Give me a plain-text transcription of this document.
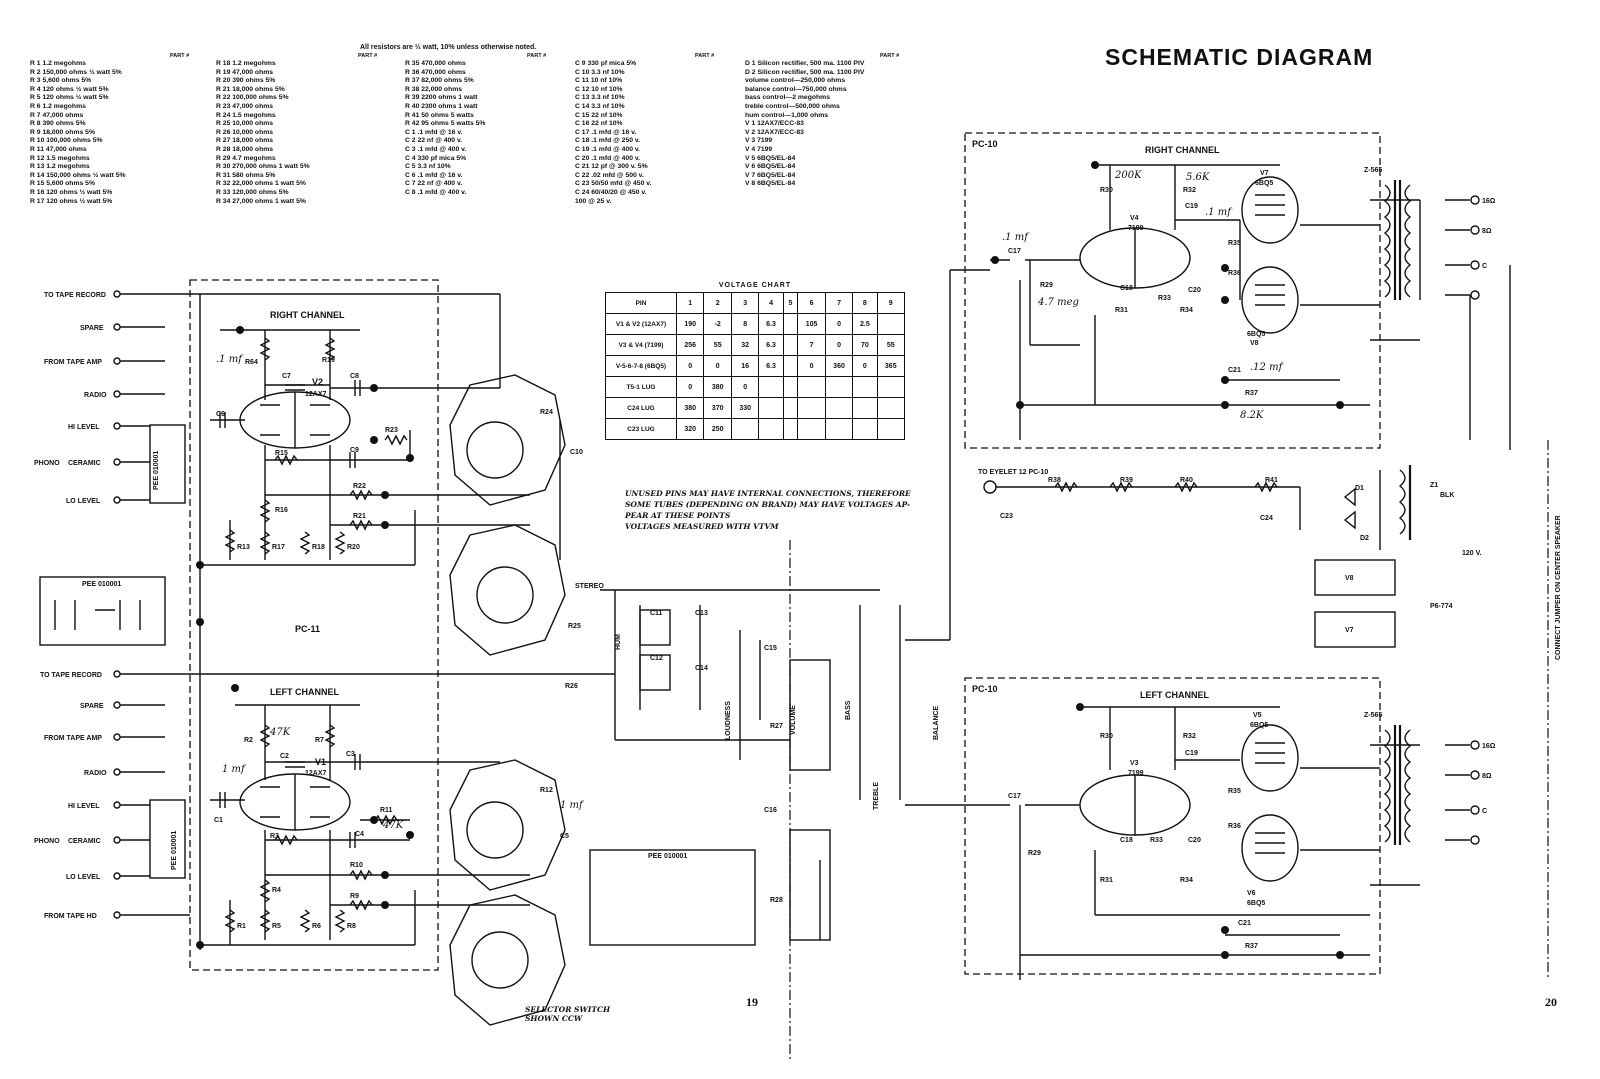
SCHEMATIC DIAGRAM
All resistors are ½ watt, 10% unless otherwise noted.
PART #	PART #	PART #	PART #	PART #
R 1 1.2 megohms
R 2 150,000 ohms ½ watt 5%
R 3 5,600 ohms 5%
R 4 120 ohms ½ watt 5%
R 5 120 ohms ½ watt 5%
R 6 1.2 megohms
R 7 47,000 ohms
R 8 390 ohms 5%
R 9 18,000 ohms 5%
R 10 100,000 ohms 5%
R 11 47,000 ohms
R 12 1.5 megohms
R 13 1.2 megohms
R 14 150,000 ohms ½ watt 5%
R 15 5,600 ohms 5%
R 16 120 ohms ½ watt 5%
R 17 120 ohms ½ watt 5%
R 18 1.2 megohms
R 19 47,000 ohms
R 20 390 ohms 5%
R 21 18,000 ohms 5%
R 22 100,000 ohms 5%
R 23 47,000 ohms
R 24 1.5 megohms
R 25 10,000 ohms
R 26 10,000 ohms
R 27 18,000 ohms
R 28 18,000 ohms
R 29 4.7 megohms
R 30 270,000 ohms 1 watt 5%
R 31 580 ohms 5%
R 32 22,000 ohms 1 watt 5%
R 33 120,000 ohms 5%
R 34 27,000 ohms 1 watt 5%
R 35 470,000 ohms
R 36 470,000 ohms
R 37 82,000 ohms 5%
R 38 22,000 ohms
R 39 2200 ohms 1 watt
R 40 2300 ohms 1 watt
R 41 50 ohms 5 watts
R 42 95 ohms 5 watts 5%
C 1 .1 mfd @ 16 v.
C 2 22 nf @ 400 v.
C 3 .1 mfd @ 400 v.
C 4 330 pf mica 5%
C 5 3.3 nf 10%
C 6 .1 mfd @ 16 v.
C 7 22 nf @ 400 v.
C 8 .1 mfd @ 400 v.
C 9 330 pf mica 5%
C 10 3.3 nf 10%
C 11 10 nf 10%
C 12 10 nf 10%
C 13 3.3 nf 10%
C 14 3.3 nf 10%
C 15 22 nf 10%
C 16 22 nf 10%
C 17 .1 mfd @ 16 v.
C 18 .1 mfd @ 250 v.
C 19 .1 mfd @ 400 v.
C 20 .1 mfd @ 400 v.
C 21 12 pf @ 300 v. 5%
C 22 .02 mfd @ 500 v.
C 23 50/50 mfd @ 450 v.
C 24 60/40/20 @ 450 v.
100 @ 25 v.
D 1 Silicon rectifier, 500 ma. 1100 PIV
D 2 Silicon rectifier, 500 ma. 1100 PIV
volume control—250,000 ohms
balance control—750,000 ohms
bass control—2 megohms
treble control—500,000 ohms
hum control—1,000 ohms
V 1 12AX7/ECC-83
V 2 12AX7/ECC-83
V 3 7199
V 4 7199
V 5 6BQ5/EL-84
V 6 6BQ5/EL-84
V 7 6BQ5/EL-84
V 8 6BQ5/EL-84
VOLTAGE CHART
PIN	1	2	3	4	5	6	7	8	9
V1 & V2 (12AX7)	190	-2	8	6.3		105	0	2.5	
V3 & V4 (7199)	256	55	32	6.3		7	0	70	55
V-5-6-7-8 (6BQ5)	0	0	16	6.3		0	360	0	365
T5-1 LUG	0	380	0						
C24 LUG	380	370	330						
C23 LUG	320	250							
UNUSED PINS MAY HAVE INTERNAL CONNECTIONS, THEREFORE
SOME TUBES (DEPENDING ON BRAND) MAY HAVE VOLTAGES AP-
PEAR AT THESE POINTS
VOLTAGES MEASURED WITH VTVM
SELECTOR SWITCH
SHOWN CCW
19	20
TO TAPE RECORD
SPARE
FROM TAPE AMP
RADIO
HI LEVEL
PHONO CERAMIC
LO LEVEL
TO TAPE RECORD
SPARE
FROM TAPE AMP
RADIO
HI LEVEL
PHONO CERAMIC
LO LEVEL
FROM TAPE HD
PEE 010001
PEE 010001
PEE 010001
PEE 010001
RIGHT CHANNEL
PC-11
V2
12AX7
R64	R19
C7	C8
C6
R23
R24
C10
R15	C9
R22
R16
R21
R13	R17	R18	R20
LEFT CHANNEL
V1
12AX7
R2	R7
C2	C3
C1
R11
R12
C4	C5
R3
R10
R4
R9
R1	R5	R6	R8
R25
R26
C11
C12
C13
C14
C15
C16
R27
R28
STEREO
LOUDNESS	BASS
TREBLE
BALANCE
VOLUME
HUM
PC-10
RIGHT CHANNEL
Z-565
16Ω
8Ω
C
Z-565
16Ω
8Ω
C
P6-774
120 V.
R30	R32
V4
7199
C19
V7
6BQ5
C17
R29
R35
R36
C18
R33
C20
R31	R34
V8
6BQ5
C21
R37
TO EYELET 12 PC-10
R38	R39	R40	R41
C23	C24
D1
D2
V8
V7
Z1
BLK
PC-10
LEFT CHANNEL
R30	R32
V3
7199
C19
V5
6BQ5
C17
R29
R35
R36
C18 R33	C20
R31	R34
V6
6BQ5
C21
R37
CONNECT JUMPER ON CENTER SPEAKER
.1 mf
4.7 meg
200K	5.6K
.1 mf
.12 mf
8.2K
1 mf
.1 mf
47K
47K
1 mf
